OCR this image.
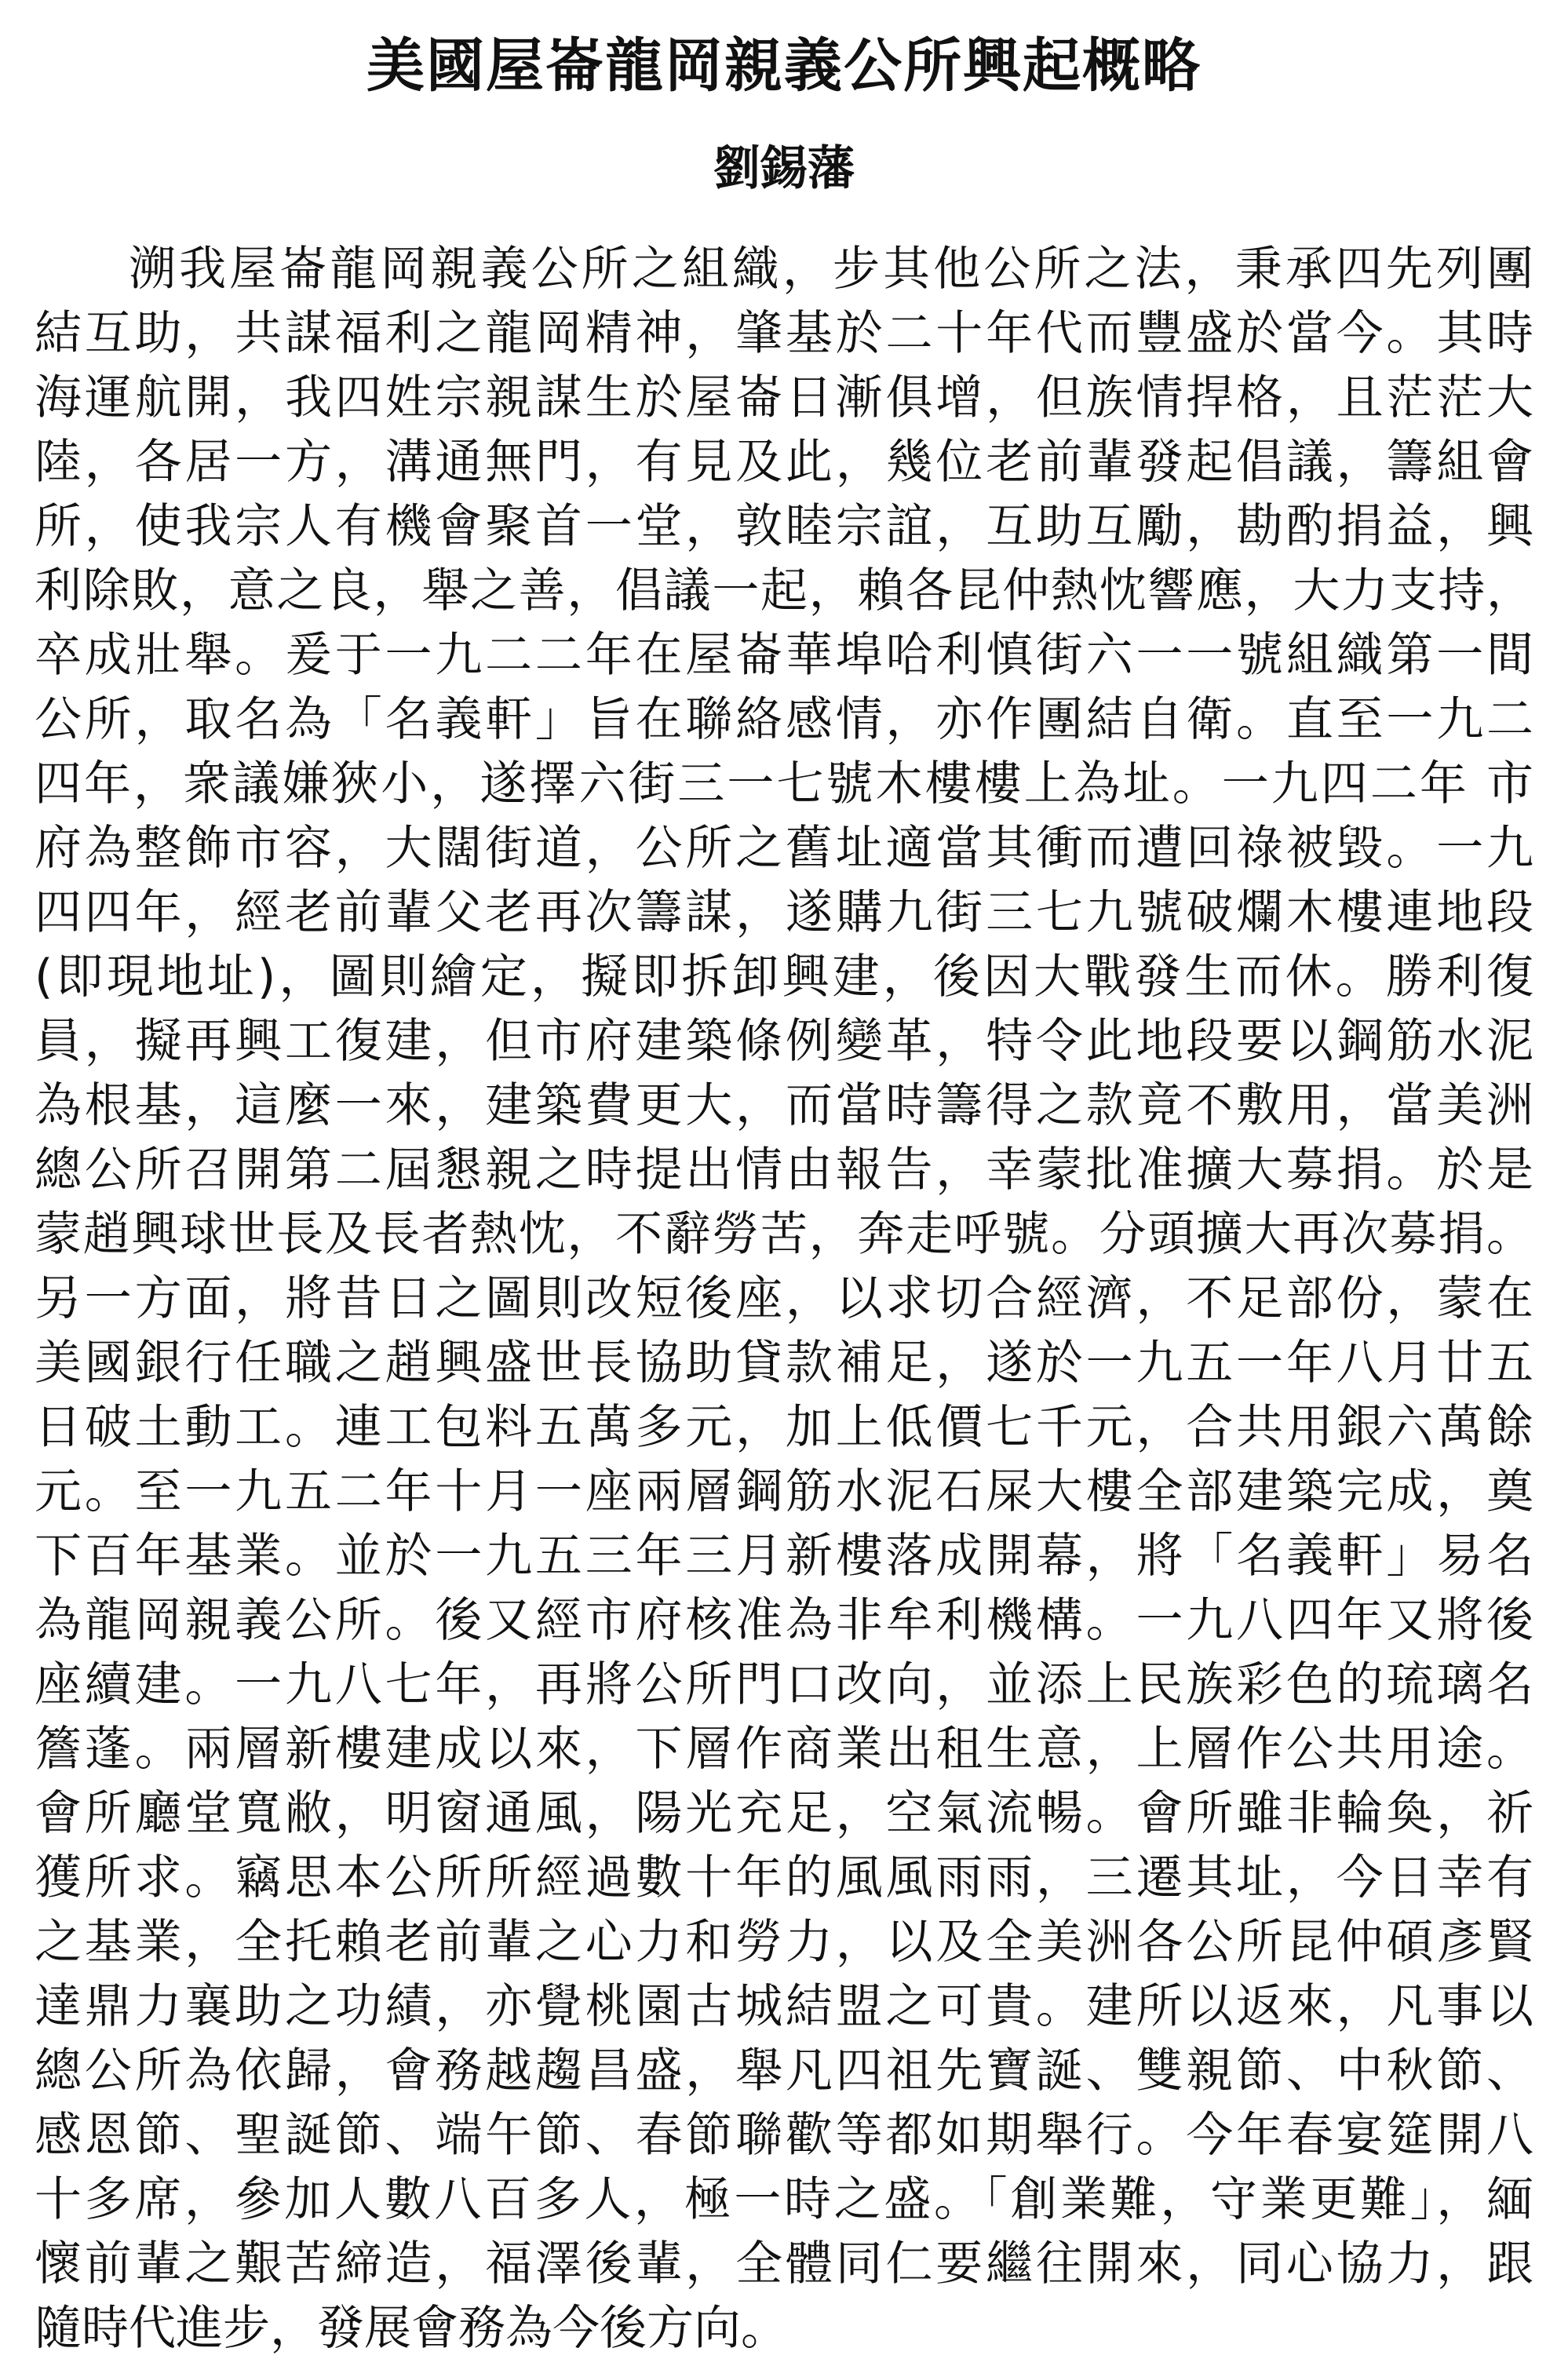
美國屋崙龍岡親義公所興起概略
劉錫藩
溯我屋崙龍岡親義公所之組織，步其他公所之法，秉承四先列團
結互助，共謀福利之龍岡精神，肇基於二十年代而豐盛於當今。其時
海運航開，我四姓宗親謀生於屋崙日漸俱增，但族情捍格，且茫茫大
陸，各居一方，溝通無門，有見及此，幾位老前輩發起倡議，籌組會
所，使我宗人有機會聚首一堂，敦睦宗誼，互助互勵，勘酌捐益，興
利除敗，意之良，舉之善，倡議一起，賴各昆仲熱忱響應，大力支持，
卒成壯舉。爰于一九二二年在屋崙華埠哈利慎街六一一號組織第一間
公所，取名為「名義軒」旨在聯絡感情，亦作團結自衛。直至一九二
四年，衆議嫌狹小，遂擇六街三一七號木樓樓上為址。一九四二年 市
府為整飾市容，大闊街道，公所之舊址適當其衝而遭回祿被毀。一九
四四年，經老前輩父老再次籌謀，遂購九街三七九號破爛木樓連地段
(即現地址)，圖則繪定，擬即拆卸興建，後因大戰發生而休。勝利復
員，擬再興工復建，但市府建築條例變革，特令此地段要以鋼筋水泥
為根基，這麼一來，建築費更大，而當時籌得之款竟不敷用，當美洲
總公所召開第二屆懇親之時提出情由報告，幸蒙批准擴大募捐。於是
蒙趙興球世長及長者熱忱，不辭勞苦，奔走呼號。分頭擴大再次募捐。
另一方面，將昔日之圖則改短後座，以求切合經濟，不足部份，蒙在
美國銀行任職之趙興盛世長協助貸款補足，遂於一九五一年八月廿五
日破土動工。連工包料五萬多元，加上低價七千元，合共用銀六萬餘
元。至一九五二年十月一座兩層鋼筋水泥石屎大樓全部建築完成，奠
下百年基業。並於一九五三年三月新樓落成開幕，將「名義軒」易名
為龍岡親義公所。後又經市府核准為非牟利機構。一九八四年又將後
座續建。一九八七年，再將公所門口改向，並添上民族彩色的琉璃名
簷蓬。兩層新樓建成以來，下層作商業出租生意，上層作公共用途。
會所廳堂寬敝，明窗通風，陽光充足，空氣流暢。會所雖非輪奐，祈
獲所求。竊思本公所所經過數十年的風風雨雨，三遷其址，今日幸有
之基業，全托賴老前輩之心力和勞力，以及全美洲各公所昆仲碩彥賢
達鼎力襄助之功績，亦覺桃園古城結盟之可貴。建所以返來，凡事以
總公所為依歸，會務越趨昌盛，舉凡四祖先寶誕、雙親節、中秋節、
感恩節、聖誕節、端午節、春節聯歡等都如期舉行。今年春宴筵開八
十多席，參加人數八百多人，極一時之盛。「創業難，守業更難」，緬
懷前輩之艱苦締造，福澤後輩，全體同仁要繼往開來，同心協力，跟
隨時代進步，發展會務為今後方向。
